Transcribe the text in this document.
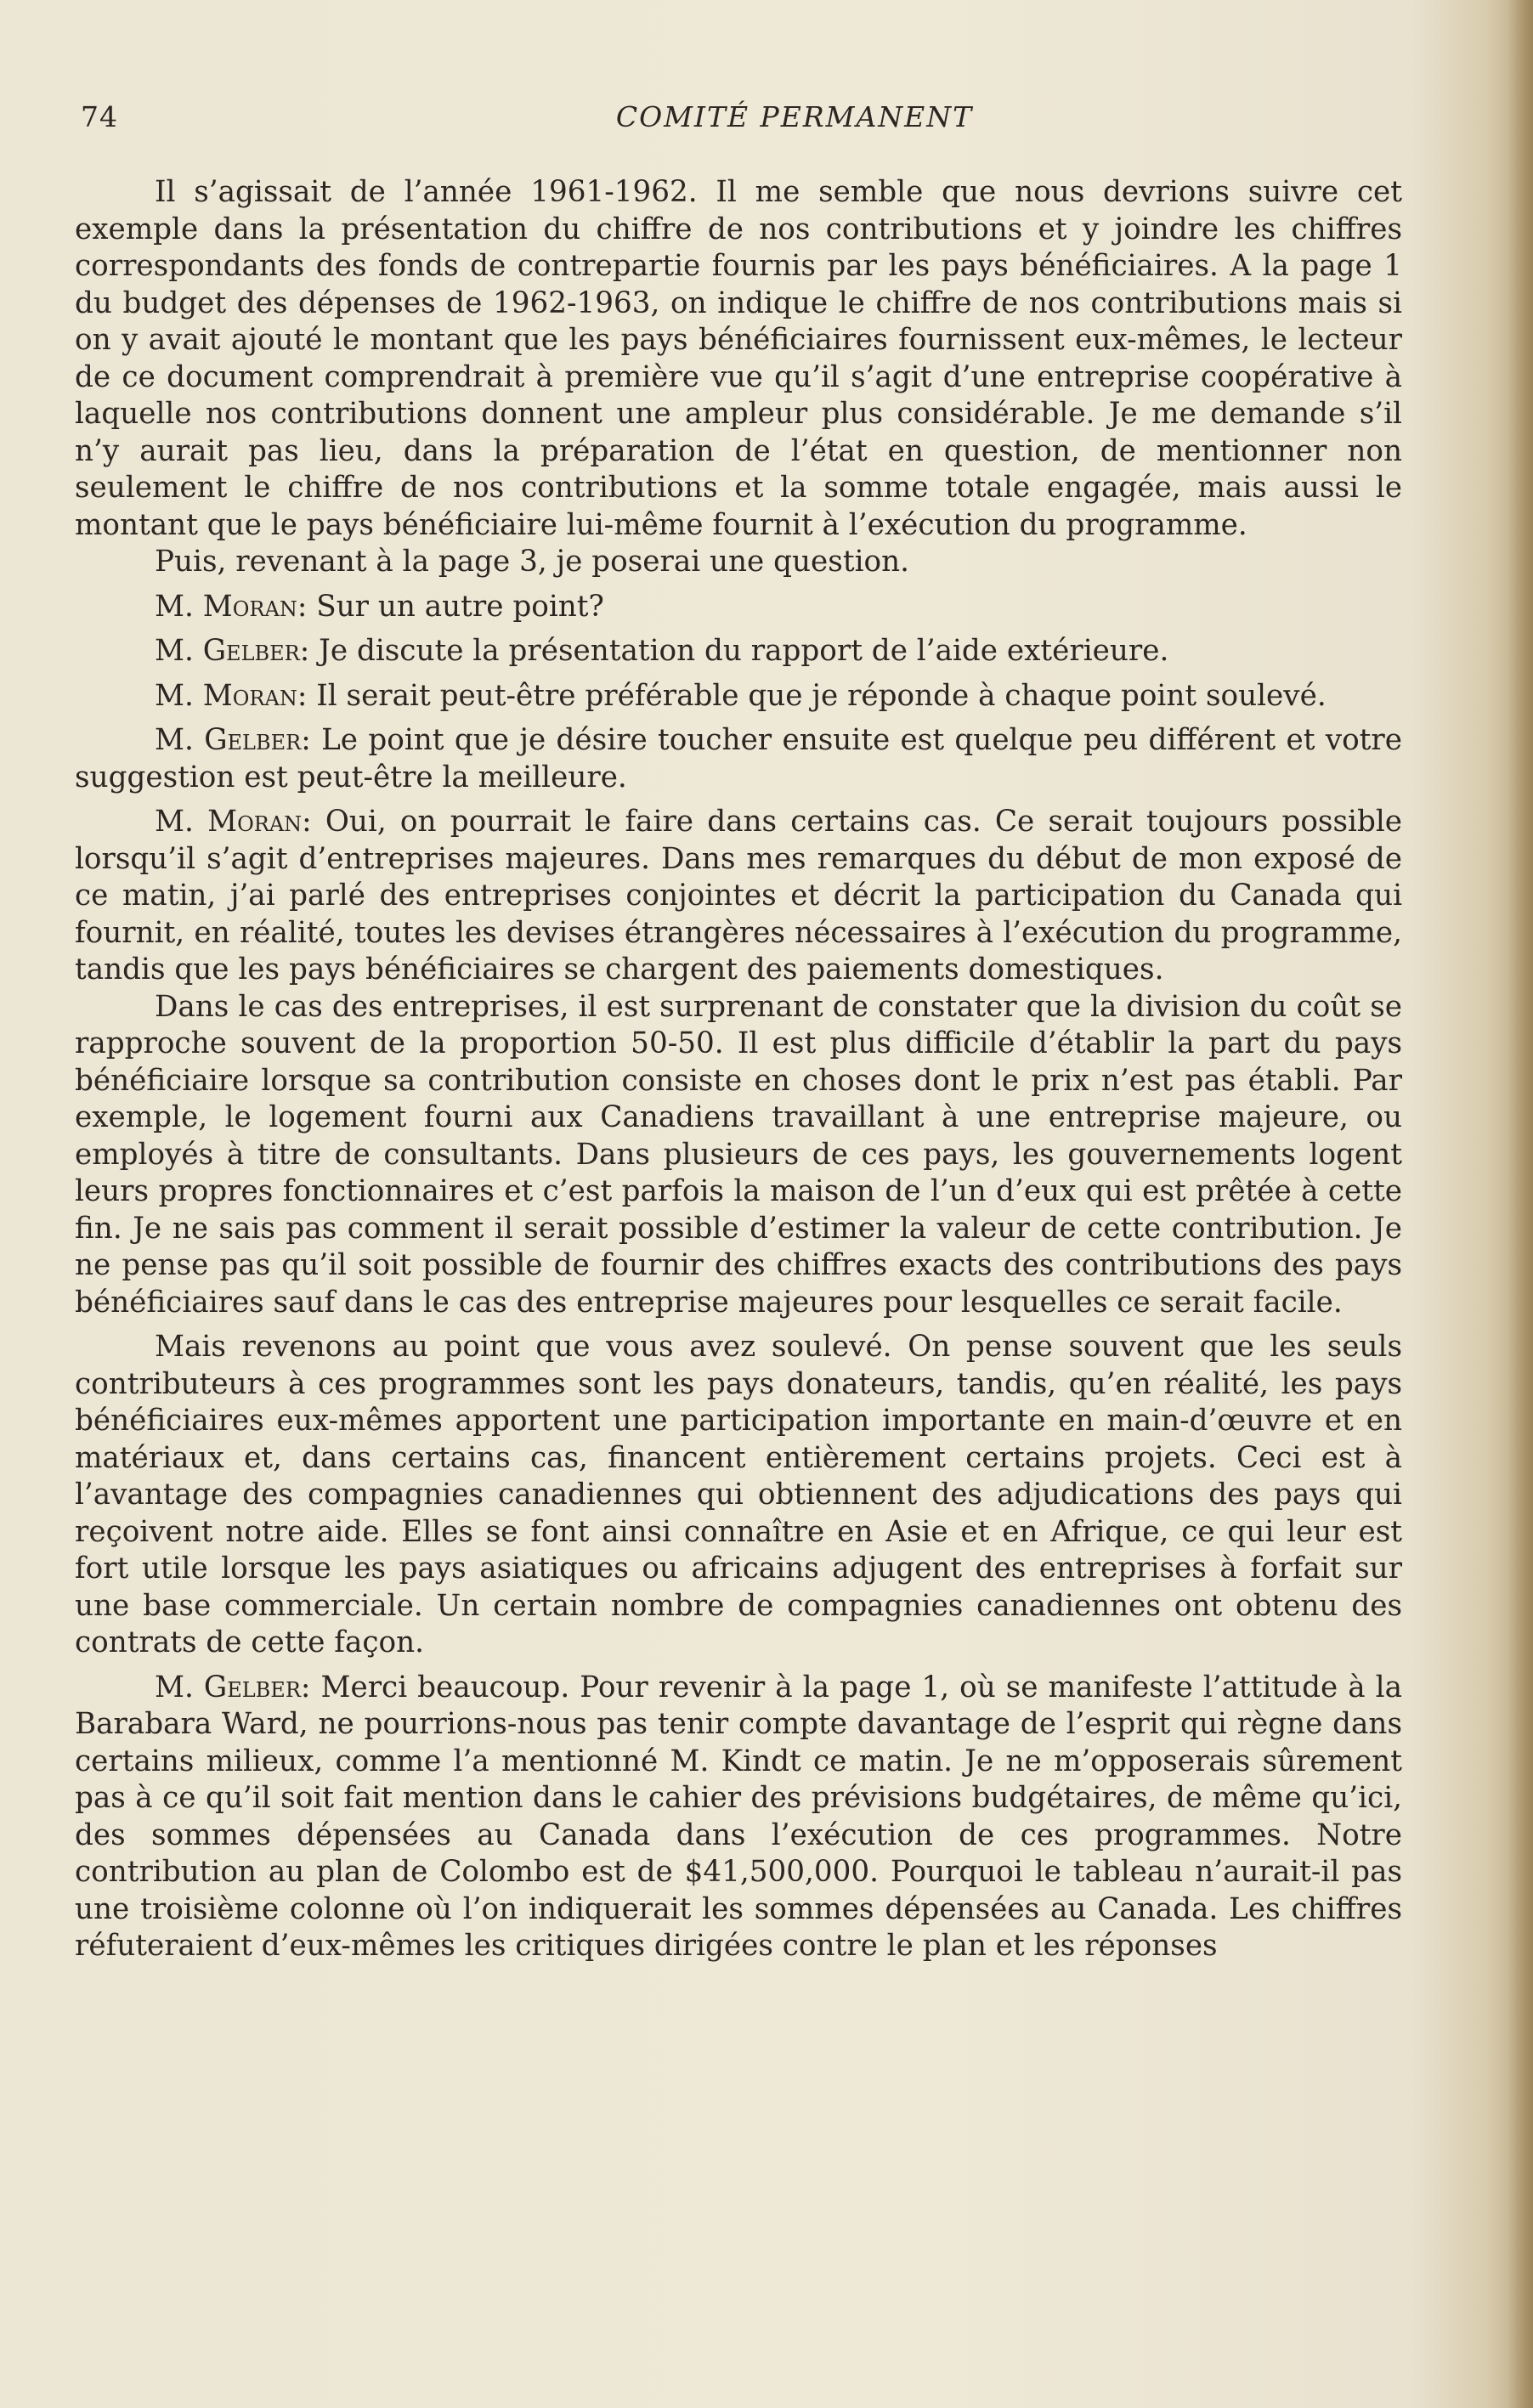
74	COMITÉ PERMANENT

Il s’agissait de l’année 1961-1962. Il me semble que nous devrions suivre cet exemple dans la présentation du chiffre de nos contributions et y joindre les chiffres correspondants des fonds de contrepartie fournis par les pays bénéficiaires. A la page 1 du budget des dépenses de 1962-1963, on indique le chiffre de nos contributions mais si on y avait ajouté le montant que les pays bénéficiaires fournissent eux-mêmes, le lecteur de ce document comprendrait à première vue qu’il s’agit d’une entreprise coopérative à laquelle nos contributions donnent une ampleur plus considérable. Je me demande s’il n’y aurait pas lieu, dans la préparation de l’état en question, de mentionner non seulement le chiffre de nos contributions et la somme totale engagée, mais aussi le montant que le pays bénéficiaire lui-même fournit à l’exécution du programme.

Puis, revenant à la page 3, je poserai une question.

M. Moran: Sur un autre point?

M. Gelber: Je discute la présentation du rapport de l’aide extérieure.

M. Moran: Il serait peut-être préférable que je réponde à chaque point soulevé.

M. Gelber: Le point que je désire toucher ensuite est quelque peu différent et votre suggestion est peut-être la meilleure.

M. Moran: Oui, on pourrait le faire dans certains cas. Ce serait toujours possible lorsqu’il s’agit d’entreprises majeures. Dans mes remarques du début de mon exposé de ce matin, j’ai parlé des entreprises conjointes et décrit la participation du Canada qui fournit, en réalité, toutes les devises étrangères nécessaires à l’exécution du programme, tandis que les pays bénéficiaires se chargent des paiements domestiques.

Dans le cas des entreprises, il est surprenant de constater que la division du coût se rapproche souvent de la proportion 50-50. Il est plus difficile d’établir la part du pays bénéficiaire lorsque sa contribution consiste en choses dont le prix n’est pas établi. Par exemple, le logement fourni aux Canadiens travaillant à une entreprise majeure, ou employés à titre de consultants. Dans plusieurs de ces pays, les gouvernements logent leurs propres fonctionnaires et c’est parfois la maison de l’un d’eux qui est prêtée à cette fin. Je ne sais pas comment il serait possible d’estimer la valeur de cette contribution. Je ne pense pas qu’il soit possible de fournir des chiffres exacts des contributions des pays bénéficiaires sauf dans le cas des entreprise majeures pour lesquelles ce serait facile.

Mais revenons au point que vous avez soulevé. On pense souvent que les seuls contributeurs à ces programmes sont les pays donateurs, tandis, qu’en réalité, les pays bénéficiaires eux-mêmes apportent une participation importante en main-d’œuvre et en matériaux et, dans certains cas, financent entièrement certains projets. Ceci est à l’avantage des compagnies canadiennes qui obtiennent des adjudications des pays qui reçoivent notre aide. Elles se font ainsi connaître en Asie et en Afrique, ce qui leur est fort utile lorsque les pays asiatiques ou africains adjugent des entreprises à forfait sur une base commerciale. Un certain nombre de compagnies canadiennes ont obtenu des contrats de cette façon.

M. Gelber: Merci beaucoup. Pour revenir à la page 1, où se manifeste l’attitude à la Barabara Ward, ne pourrions-nous pas tenir compte davantage de l’esprit qui règne dans certains milieux, comme l’a mentionné M. Kindt ce matin. Je ne m’opposerais sûrement pas à ce qu’il soit fait mention dans le cahier des prévisions budgétaires, de même qu’ici, des sommes dépensées au Canada dans l’exécution de ces programmes. Notre contribution au plan de Colombo est de $41,500,000. Pourquoi le tableau n’aurait-il pas une troisième colonne où l’on indiquerait les sommes dépensées au Canada. Les chiffres réfuteraient d’eux-mêmes les critiques dirigées contre le plan et les réponses
